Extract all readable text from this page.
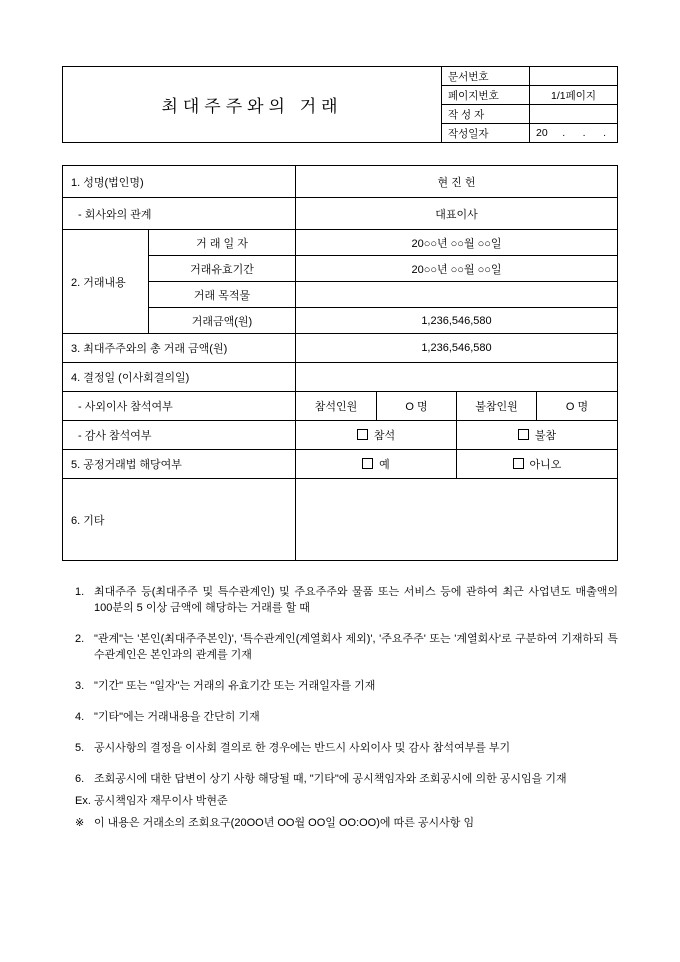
최대주주와의 거래	문서번호	
	페이지번호	1/1페이지
	작 성 자	
	작성일자	20     .      .      .
1. 성명(법인명)		현 진 헌			
- 회사와의 관계		대표이사			
2. 거래내용	거 래 일 자	20○○년 ○○월 ○○일			
	거래유효기간	20○○년 ○○월 ○○일			
	거래 목적물				
	거래금액(원)	1,236,546,580			
3. 최대주주와의 총 거래 금액(원)		1,236,546,580			
4. 결정일 (이사회결의일)					
- 사외이사 참석여부		참석인원	O 명	불참인원	O 명
- 감사 참석여부		참석		불참	
5. 공정거래법 해당여부		예		아니오	
6. 기타					

1. 최대주주 등(최대주주 및 특수관계인) 및 주요주주와 물품 또는 서비스 등에 관하여 최근 사업년도 매출액의 100분의 5 이상 금액에 해당하는 거래를 할 때

2. "관계"는 '본인(최대주주본인)', '특수관계인(계열회사 제외)', '주요주주' 또는 '계열회사'로 구분하여 기재하되 특수관계인은 본인과의 관계를 기재

3. "기간" 또는 "일자"는 거래의 유효기간 또는 거래일자를 기재

4. "기타"에는 거래내용을 간단히 기재

5. 공시사항의 결정을 이사회 결의로 한 경우에는 반드시 사외이사 및 감사 참석여부를 부기

6. 조회공시에 대한 답변이 상기 사항 해당될 때, "기타"에 공시책임자와 조회공시에 의한 공시임을 기재

Ex. 공시책임자 재무이사 박현준

※ 이 내용은 거래소의 조회요구(20OO년 OO월 OO일 OO:OO)에 따른 공시사항 임
